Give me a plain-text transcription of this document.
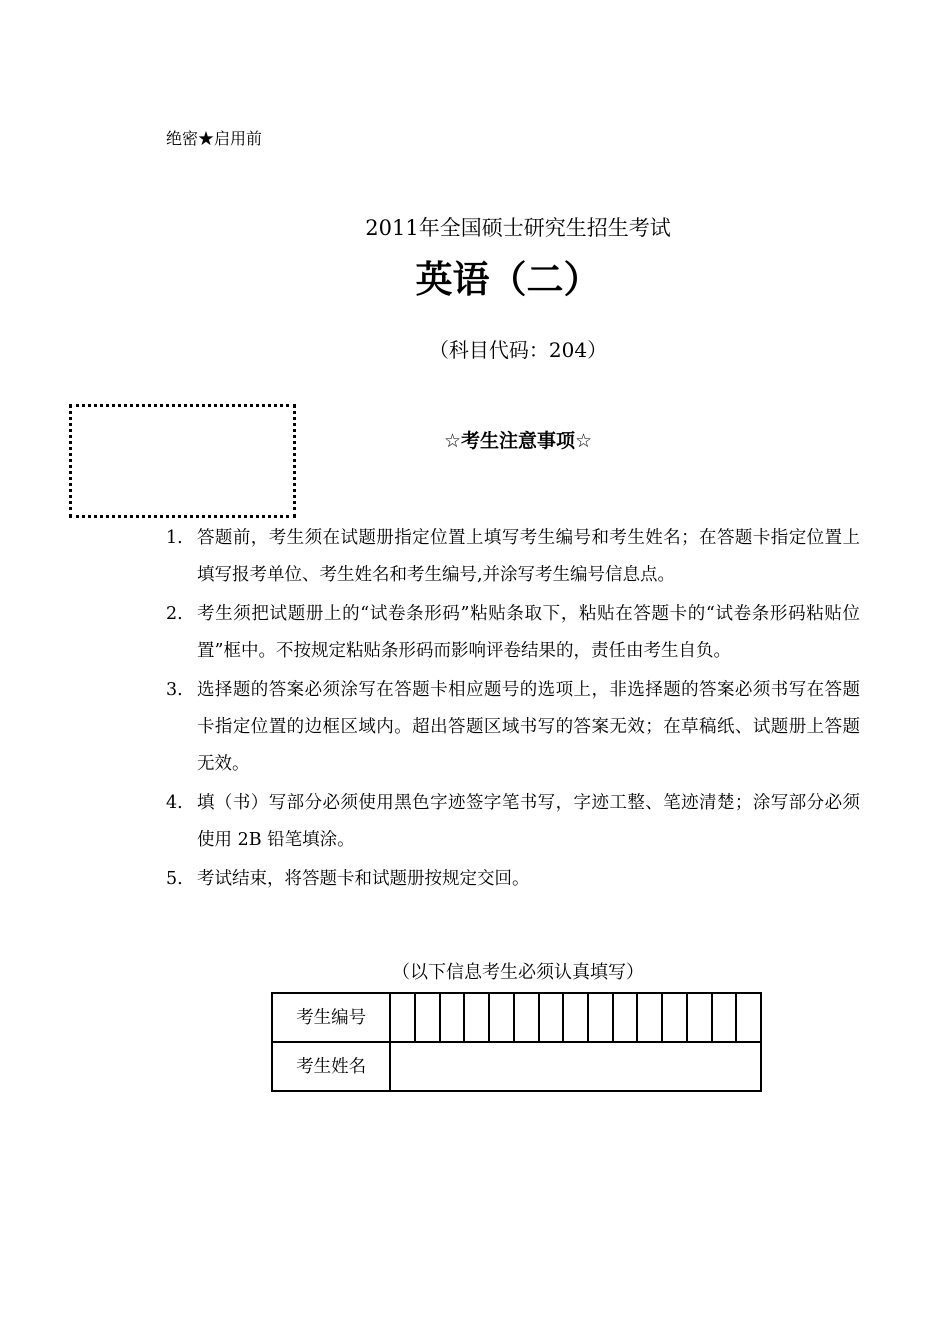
绝密★启用前
2011年全国硕士研究生招生考试
英语（二）
（科目代码：204）
☆考生注意事项☆
1. 答题前，考生须在试题册指定位置上填写考生编号和考生姓名；在答题卡指定位置上填写报考单位、考生姓名和考生编号,并涂写考生编号信息点。
2. 考生须把试题册上的“试卷条形码”粘贴条取下，粘贴在答题卡的“试卷条形码粘贴位置”框中。不按规定粘贴条形码而影响评卷结果的，责任由考生自负。
3. 选择题的答案必须涂写在答题卡相应题号的选项上，非选择题的答案必须书写在答题卡指定位置的边框区域内。超出答题区域书写的答案无效；在草稿纸、试题册上答题无效。
4. 填（书）写部分必须使用黑色字迹签字笔书写，字迹工整、笔迹清楚；涂写部分必须使用 2B 铅笔填涂。
5. 考试结束，将答题卡和试题册按规定交回。
（以下信息考生必须认真填写）
考生编号															
考生姓名															
